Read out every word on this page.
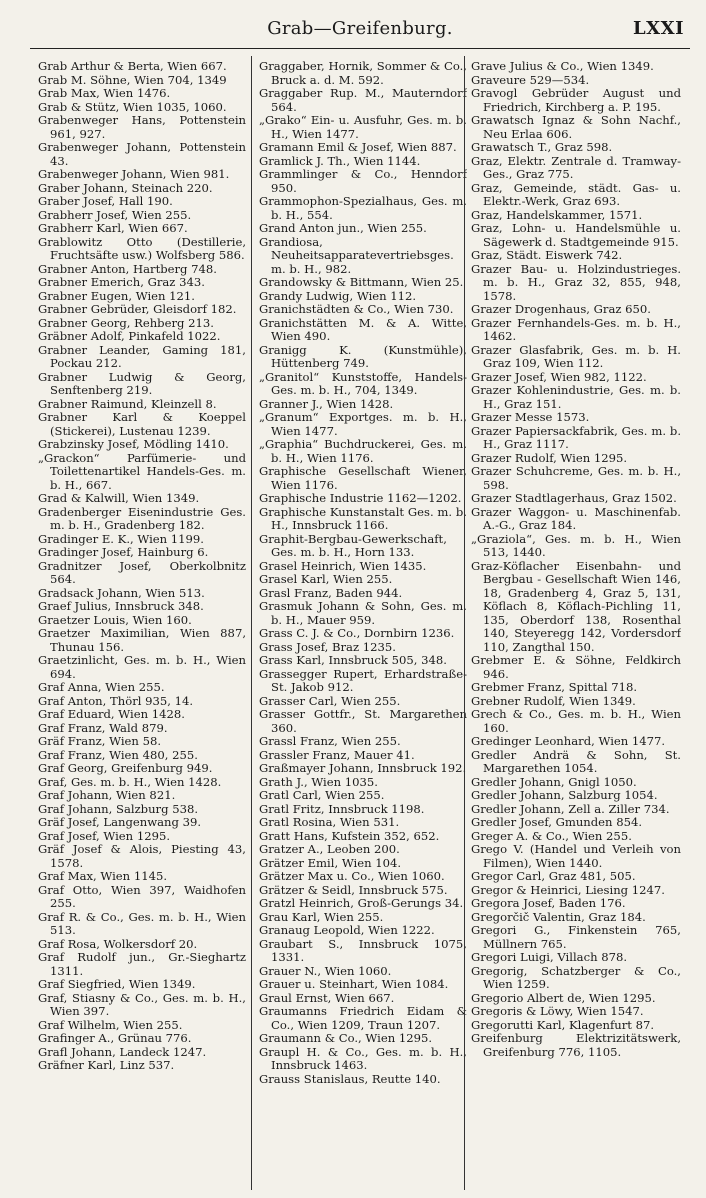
Grab—Greifenburg.	LXXI

Grab Arthur & Berta, Wien 667.

Grab M. Söhne, Wien 704, 1349

Grab Max, Wien 1476.

Grab & Stütz, Wien 1035, 1060.

Grabenweger Hans, Pottenstein 961, 927.

Grabenweger Johann, Pottenstein 43.

Grabenweger Johann, Wien 981.

Graber Johann, Steinach 220.

Graber Josef, Hall 190.

Grabherr Josef, Wien 255.

Grabherr Karl, Wien 667.

Grablowitz Otto (Destillerie, Fruchtsäfte usw.) Wolfsberg 586.

Grabner Anton, Hartberg 748.

Grabner Emerich, Graz 343.

Grabner Eugen, Wien 121.

Grabner Gebrüder, Gleisdorf 182.

Grabner Georg, Rehberg 213.

Gräbner Adolf, Pinkafeld 1022.

Grabner Leander, Gaming 181, Pockau 212.

Grabner Ludwig & Georg, Senftenberg 219.

Grabner Raimund, Kleinzell 8.

Grabner Karl & Koeppel (Stickerei), Lustenau 1239.

Grabzinsky Josef, Mödling 1410.

„Grackon“ Parfümerie- und Toilettenartikel Handels-Ges. m. b. H., 667.

Grad & Kalwill, Wien 1349.

Gradenberger Eisenindustrie Ges. m. b. H., Gradenberg 182.

Gradinger E. K., Wien 1199.

Gradinger Josef, Hainburg 6.

Gradnitzer Josef, Oberkolbnitz 564.

Gradsack Johann, Wien 513.

Graef Julius, Innsbruck 348.

Graetzer Louis, Wien 160.

Graetzer Maximilian, Wien 887, Thunau 156.

Graetzinlicht, Ges. m. b. H., Wien 694.

Graf Anna, Wien 255.

Graf Anton, Thörl 935, 14.

Graf Eduard, Wien 1428.

Graf Franz, Wald 879.

Gräf Franz, Wien 58.

Graf Franz, Wien 480, 255.

Graf Georg, Greifenburg 949.

Graf, Ges. m. b. H., Wien 1428.

Graf Johann, Wien 821.

Graf Johann, Salzburg 538.

Gräf Josef, Langenwang 39.

Graf Josef, Wien 1295.

Gräf Josef & Alois, Piesting 43, 1578.

Graf Max, Wien 1145.

Graf Otto, Wien 397, Waidhofen 255.

Graf R. & Co., Ges. m. b. H., Wien 513.

Graf Rosa, Wolkersdorf 20.

Graf Rudolf jun., Gr.-Sieghartz 1311.

Graf Siegfried, Wien 1349.

Graf, Stiasny & Co., Ges. m. b. H., Wien 397.

Graf Wilhelm, Wien 255.

Grafinger A., Grünau 776.

Grafl Johann, Landeck 1247.

Gräfner Karl, Linz 537.

Graggaber, Hornik, Sommer & Co., Bruck a. d. M. 592.

Graggaber Rup. M., Mauterndorf 564.

„Grako“ Ein- u. Ausfuhr, Ges. m. b. H., Wien 1477.

Gramann Emil & Josef, Wien 887.

Gramlick J. Th., Wien 1144.

Grammlinger & Co., Henndorf 950.

Grammophon-Spezialhaus, Ges. m. b. H., 554.

Grand Anton jun., Wien 255.

Grandiosa, Neuheitsapparatevertriebsges. m. b. H., 982.

Grandowsky & Bittmann, Wien 25.

Grandy Ludwig, Wien 112.

Granichstädten & Co., Wien 730.

Granichstätten M. & A. Witte, Wien 490.

Granigg K. (Kunstmühle), Hüttenberg 749.

„Granitol“ Kunststoffe, Handels-Ges. m. b. H., 704, 1349.

Granner J., Wien 1428.

„Granum“ Exportges. m. b. H., Wien 1477.

„Graphia“ Buchdruckerei, Ges. m. b. H., Wien 1176.

Graphische Gesellschaft Wiener, Wien 1176.

Graphische Industrie 1162—1202.

Graphische Kunstanstalt Ges. m. b. H., Innsbruck 1166.

Graphit-Bergbau-Gewerkschaft, Ges. m. b. H., Horn 133.

Grasel Heinrich, Wien 1435.

Grasel Karl, Wien 255.

Grasl Franz, Baden 944.

Grasmuk Johann & Sohn, Ges. m. b. H., Mauer 959.

Grass C. J. & Co., Dornbirn 1236.

Grass Josef, Braz 1235.

Grass Karl, Innsbruck 505, 348.

Grassegger Rupert, Erhardstraße-St. Jakob 912.

Grasser Carl, Wien 255.

Grasser Gottfr., St. Margarethen 360.

Grassl Franz, Wien 255.

Grassler Franz, Mauer 41.

Graßmayer Johann, Innsbruck 192.

Grath J., Wien 1035.

Gratl Carl, Wien 255.

Gratl Fritz, Innsbruck 1198.

Gratl Rosina, Wien 531.

Gratt Hans, Kufstein 352, 652.

Gratzer A., Leoben 200.

Grätzer Emil, Wien 104.

Grätzer Max u. Co., Wien 1060.

Grätzer & Seidl, Innsbruck 575.

Gratzl Heinrich, Groß-Gerungs 34.

Grau Karl, Wien 255.

Granaug Leopold, Wien 1222.

Graubart S., Innsbruck 1075, 1331.

Grauer N., Wien 1060.

Grauer u. Steinhart, Wien 1084.

Graul Ernst, Wien 667.

Graumanns Friedrich Eidam & Co., Wien 1209, Traun 1207.

Graumann & Co., Wien 1295.

Graupl H. & Co., Ges. m. b. H., Innsbruck 1463.

Grauss Stanislaus, Reutte 140.

Grave Julius & Co., Wien 1349.

Graveure 529—534.

Gravogl Gebrüder August und Friedrich, Kirchberg a. P. 195.

Grawatsch Ignaz & Sohn Nachf., Neu Erlaa 606.

Grawatsch T., Graz 598.

Graz, Elektr. Zentrale d. Tramway-Ges., Graz 775.

Graz, Gemeinde, städt. Gas- u. Elektr.-Werk, Graz 693.

Graz, Handelskammer, 1571.

Graz, Lohn- u. Handelsmühle u. Sägewerk d. Stadtgemeinde 915.

Graz, Städt. Eiswerk 742.

Grazer Bau- u. Holzindustrieges. m. b. H., Graz 32, 855, 948, 1578.

Grazer Drogenhaus, Graz 650.

Grazer Fernhandels-Ges. m. b. H., 1462.

Grazer Glasfabrik, Ges. m. b. H. Graz 109, Wien 112.

Grazer Josef, Wien 982, 1122.

Grazer Kohlenindustrie, Ges. m. b. H., Graz 151.

Grazer Messe 1573.

Grazer Papiersackfabrik, Ges. m. b. H., Graz 1117.

Grazer Rudolf, Wien 1295.

Grazer Schuhcreme, Ges. m. b. H., 598.

Grazer Stadtlagerhaus, Graz 1502.

Grazer Waggon- u. Maschinenfab. A.-G., Graz 184.

„Graziola“, Ges. m. b. H., Wien 513, 1440.

Graz-Köflacher Eisenbahn- und Bergbau - Gesellschaft Wien 146, 18, Gradenberg 4, Graz 5, 131, Köflach 8, Köflach-Pichling 11, 135, Oberdorf 138, Rosenthal 140, Steyeregg 142, Vordersdorf 110, Zangthal 150.

Grebmer E. & Söhne, Feldkirch 946.

Grebmer Franz, Spittal 718.

Grebner Rudolf, Wien 1349.

Grech & Co., Ges. m. b. H., Wien 160.

Gredinger Leonhard, Wien 1477.

Gredler Andrä & Sohn, St. Margarethen 1054.

Gredler Johann, Gnigl 1050.

Gredler Johann, Salzburg 1054.

Gredler Johann, Zell a. Ziller 734.

Gredler Josef, Gmunden 854.

Greger A. & Co., Wien 255.

Grego V. (Handel und Verleih von Filmen), Wien 1440.

Gregor Carl, Graz 481, 505.

Gregor & Heinrici, Liesing 1247.

Gregora Josef, Baden 176.

Gregorčič Valentin, Graz 184.

Gregori G., Finkenstein 765, Müllnern 765.

Gregori Luigi, Villach 878.

Gregorig, Schatzberger & Co., Wien 1259.

Gregorio Albert de, Wien 1295.

Gregoris & Löwy, Wien 1547.

Gregorutti Karl, Klagenfurt 87.

Greifenburg Elektrizitätswerk, Greifenburg 776, 1105.
